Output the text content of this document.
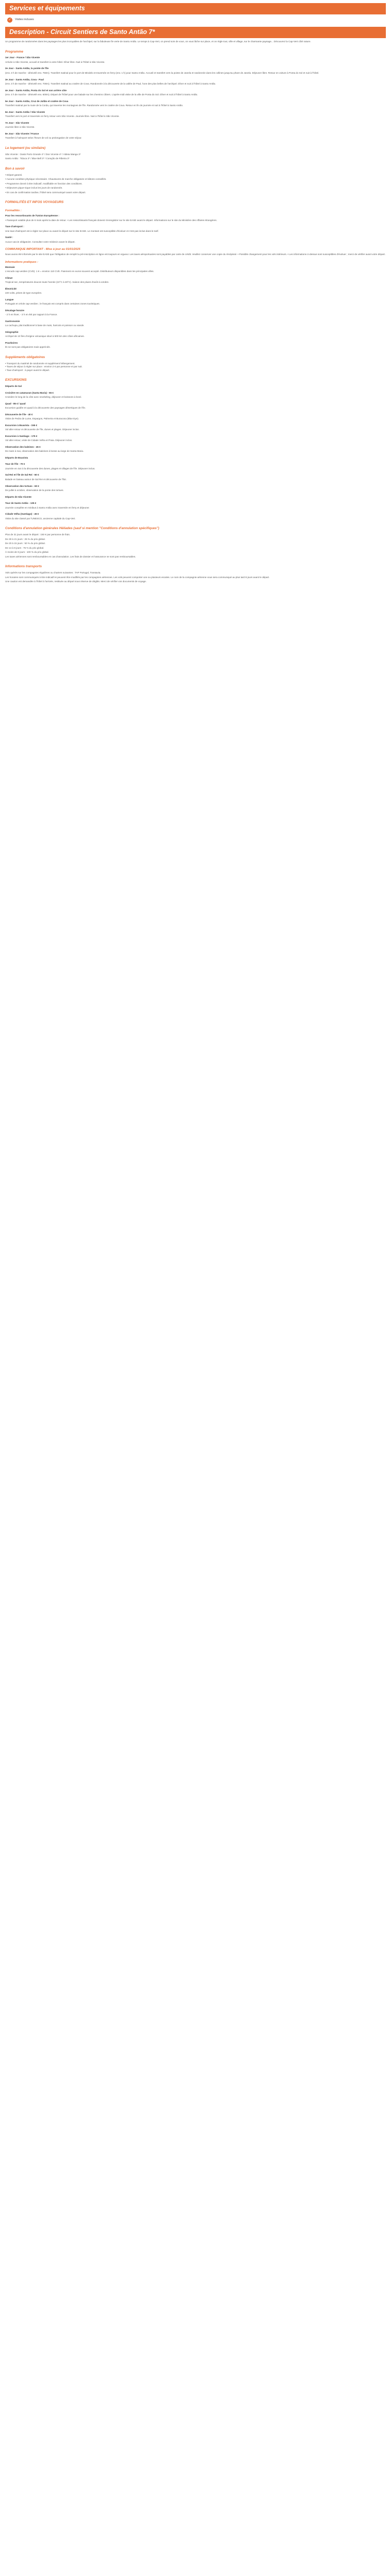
Services et équipements
✓	Visites incluses
Description - Circuit Sentiers de Santo Antão 7*

Un programme de randonnées dans les paysages les plus incroyables de l'archipel, sur la fabuleuse île verte de Santo Antão. Le temps à Cap-Vert, on prend soin de vous, on vous lâche sur place, et on règle tout, ville et village, sur le charmante paysage... Découvrez la Cap-Vert côté nature.

Programme

1er Jour - France / São Vicente

Arrivée à São Vicente, accueil et transfert à votre hôtel. Dîner libre. Nuit à l'hôtel à São Vicente.

2e Jour - Santo Antão, la pointe de l'île

(env. 3 h de marche - dénivelé env. 750m). Transfert matinal pour le port de Mindelo et traversée en ferry (env. 1 h) pour Santo Antão. Accueil et transfert vers la pointe de Janela et randonnée dans les collines jusqu'au phare de Janela. Déjeuner libre. Retour en voiture à Ponta do Sol et nuit à l'hôtel.

3e Jour - Santo Antão, Cova - Paul

(env. 3 h de marche - dénivelé env. 700m). Transfert matinal au cratère de Cova. Randonnée à la découverte de la vallée de Paul, l'une des plus belles de l'archipel. Dîner et nuit à l'hôtel à Santo Antão.

4e Jour - Santo Antão, Ponta do Sol et son arrière côte

(env. 4 h de marche - dénivelé env. 600m). Départ de l'hôtel pour une balade sur les chemins côtiers. L'après-midi visite de la ville de Ponta do Sol. Dîner et nuit à l'hôtel à Santo Antão.

5e Jour - Santo Antão, Cruz de Julião et cratère de Cova

Transfert matinal par la route de la Corda, qui traverse les montagnes de l'île. Randonnée vers le cratère de Cova. Retour en fin de journée et nuit à l'hôtel à Santo Antão.

6e Jour - Santo Antão / São Vicente

Transfert vers le port et traversée en ferry retour vers São Vicente. Journée libre. Nuit à l'hôtel à São Vicente.

7e Jour - São Vicente

Journée libre à São Vicente.

8e Jour - São Vicente / France

Transfert à l'aéroport selon l'heure de vol ou prolongation de votre séjour.

Le logement (ou similaire)

São Vicente : Oasis Porto Grande 4* / Don Vicente 4* / Aldeia Manga 3*

Santo Antão : Tiduca 3* / Blue Bell 3* / Coração de Ribeira 3*

Bon à savoir

• Départ garanti.

• Aucune condition physique nécessaire. Chaussures de marche obligatoire et bâtons conseillés.

• Programme donné à titre indicatif, modifiable en fonction des conditions.

• Déjeuners pique-nique inclus les jours de randonnée.

• En cas de confirmation tardive, l'hôtel sera communiqué avant votre départ.

FORMALITÉS ET INFOS VOYAGEURS
Formalités :

Pour les ressortissants de l'Union Européenne :

• Passeport valable plus de 6 mois après la date de retour. • Les ressortissants français doivent s'enregistrer sur le site EASE avant le départ. Informations sur le site du Ministère des Affaires étrangères.

Taxe d'aéroport :

Une taxe d'aéroport est à régler sur place ou avant le départ sur le site EASE. Le montant est susceptible d'évoluer et n'est pas inclus dans le tarif.

Santé :

Aucun vaccin obligatoire. Consultez votre médecin avant le départ.

COMMUNIQUE IMPORTANT - Mise à jour au 01/01/2025

Nous avons été informés par le site EASE que l'obligation de remplir la pré-inscription en ligne est toujours en vigueur. Les taxes aéroportuaires sont payables par carte de crédit. Veuillez conserver une copie du récépissé. • Possible changement pour les vols intérieurs. • Les informations ci-dessus sont susceptibles d'évoluer ; merci de vérifier avant votre départ.

Informations pratiques :

Monnaie

L'escudo cap-verdien (CVE). 1 € = environ 110 CVE. Paiement en euros souvent accepté. Distributeurs disponibles dans les principales villes.

Climat

Tropical sec, températures douces toute l'année (22°C à 28°C). Saison des pluies d'août à octobre.

Électricité

220 volts, prises de type européen.

Langue

Portugais et créole cap-verdien ; le français est compris dans certaines zones touristiques.

Décalage horaire

- 2 h en hiver, - 3 h en été par rapport à la France.

Gastronomie

La cachupa, plat traditionnel à base de maïs, haricots et poisson ou viande.

Géographie

Archipel de 10 îles d'origine volcanique situé à 500 km des côtes africaines.

Pourboires

Ils ne sont pas obligatoires mais appréciés.

Suppléments obligatoires

• Transport du matériel de randonnée et supplément hébergement.
• Taxes de séjour à régler sur place : environ 2 € par personne et par nuit.
• Taxe d'aéroport : à payer avant le départ.

EXCURSIONS

Départs de Sal

Croisière en catamaran (Santa Maria) - 55 €

Croisière le long de la côte avec snorkeling, déjeuner et boissons à bord.

Quad - 85 € / quad

Excursion guidée en quad à la découverte des paysages désertiques de l'île.

Découverte de l'île - 40 €

Visite de Pedra de Lume, Espargos, Palmeira et Buracona (Blue Eye).

Excursion à Boavista - 155 €

Vol aller-retour et découverte de l'île, dunes et plages. Déjeuner inclus.

Excursion à Santiago - 175 €

Vol aller-retour, visite de Cidade Velha et Praia. Déjeuner inclus.

Observation des baleines - 45 €

De mars à mai, observation des baleines à bosse au large de Santa Maria.

Départs de Boavista

Tour de l'île - 70 €

Journée en 4x4 à la découverte des dunes, plages et villages de l'île. Déjeuner inclus.

Sal Rei et l'île de Sal Rei - 60 €

Balade en bateau autour de Sal Rei et découverte de l'îlot.

Observation des tortues - 60 €

De juillet à octobre, observation de la ponte des tortues.

Départs de São Vicente

Tour de Santo Antão - 135 €

Journée complète en minibus à Santo Antão avec traversée en ferry et déjeuner.

Cidade Velha (Santiago) - 45 €

Visite du site classé par l'UNESCO, ancienne capitale du Cap-Vert.

Conditions d'annulation générales Hélíades (sauf si mention "Conditions d'annulation spécifiques")

Plus de 31 jours avant le départ : 150 € par personne de frais.

De 30 à 21 jours : 25 % du prix global.

De 20 à 15 jours : 50 % du prix global.

De 14 à 8 jours : 75 % du prix global.

À moins de 8 jours : 100 % du prix global.

Les taxes aériennes sont remboursables en cas d'annulation. Les frais de dossier et l'assurance ne sont pas remboursables.

Informations transports

Vols opérés sur les compagnies régulières ou charters suivantes : TAP Portugal, Transavia.

Les horaires sont communiqués à titre indicatif et peuvent être modifiés par les compagnies aériennes. Les vols peuvent comporter une ou plusieurs escales. Le nom de la compagnie aérienne vous sera communiqué au plus tard 8 jours avant le départ.

Une caution est demandée à l'hôtel à l'arrivée, restituée au départ sous réserve de dégâts. Merci de vérifier vos documents de voyage.
